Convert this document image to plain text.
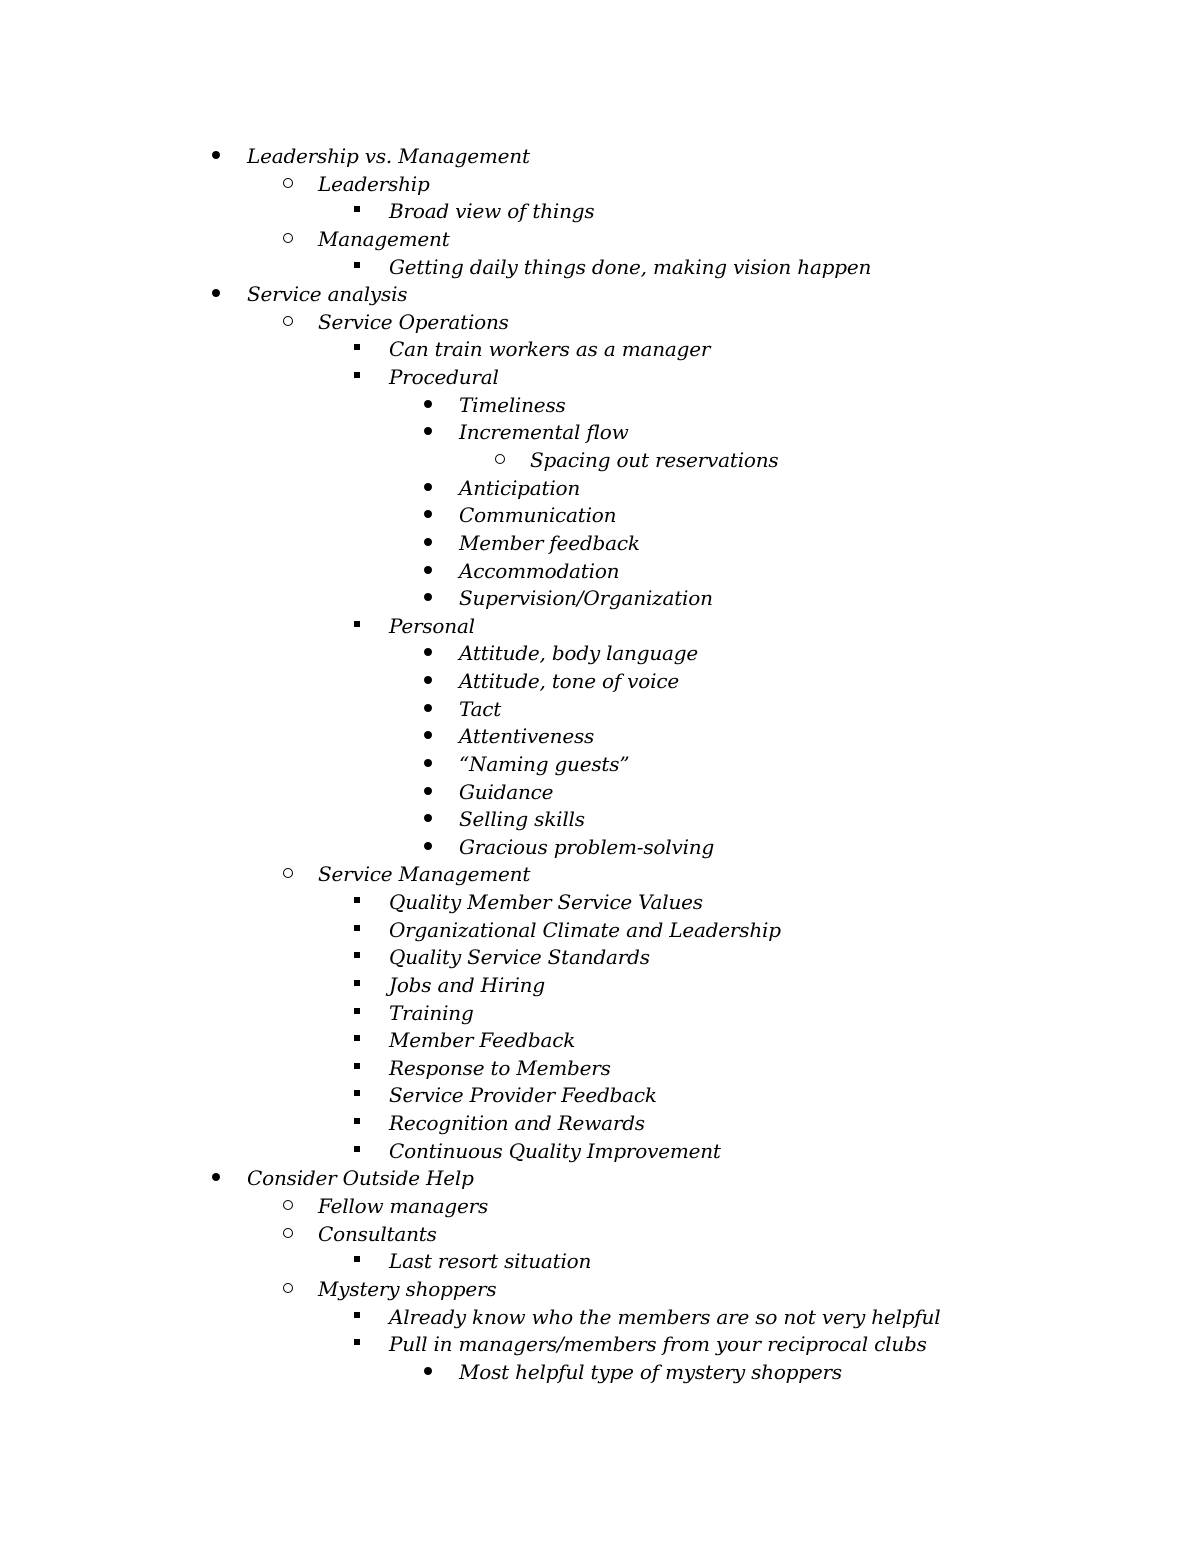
Leadership vs. Management
Leadership
Broad view of things
Management
Getting daily things done, making vision happen
Service analysis
Service Operations
Can train workers as a manager
Procedural
Timeliness
Incremental flow
Spacing out reservations
Anticipation
Communication
Member feedback
Accommodation
Supervision/Organization
Personal
Attitude, body language
Attitude, tone of voice
Tact
Attentiveness
“Naming guests”
Guidance
Selling skills
Gracious problem-solving
Service Management
Quality Member Service Values
Organizational Climate and Leadership
Quality Service Standards
Jobs and Hiring
Training
Member Feedback
Response to Members
Service Provider Feedback
Recognition and Rewards
Continuous Quality Improvement
Consider Outside Help
Fellow managers
Consultants
Last resort situation
Mystery shoppers
Already know who the members are so not very helpful
Pull in managers/members from your reciprocal clubs
Most helpful type of mystery shoppers
